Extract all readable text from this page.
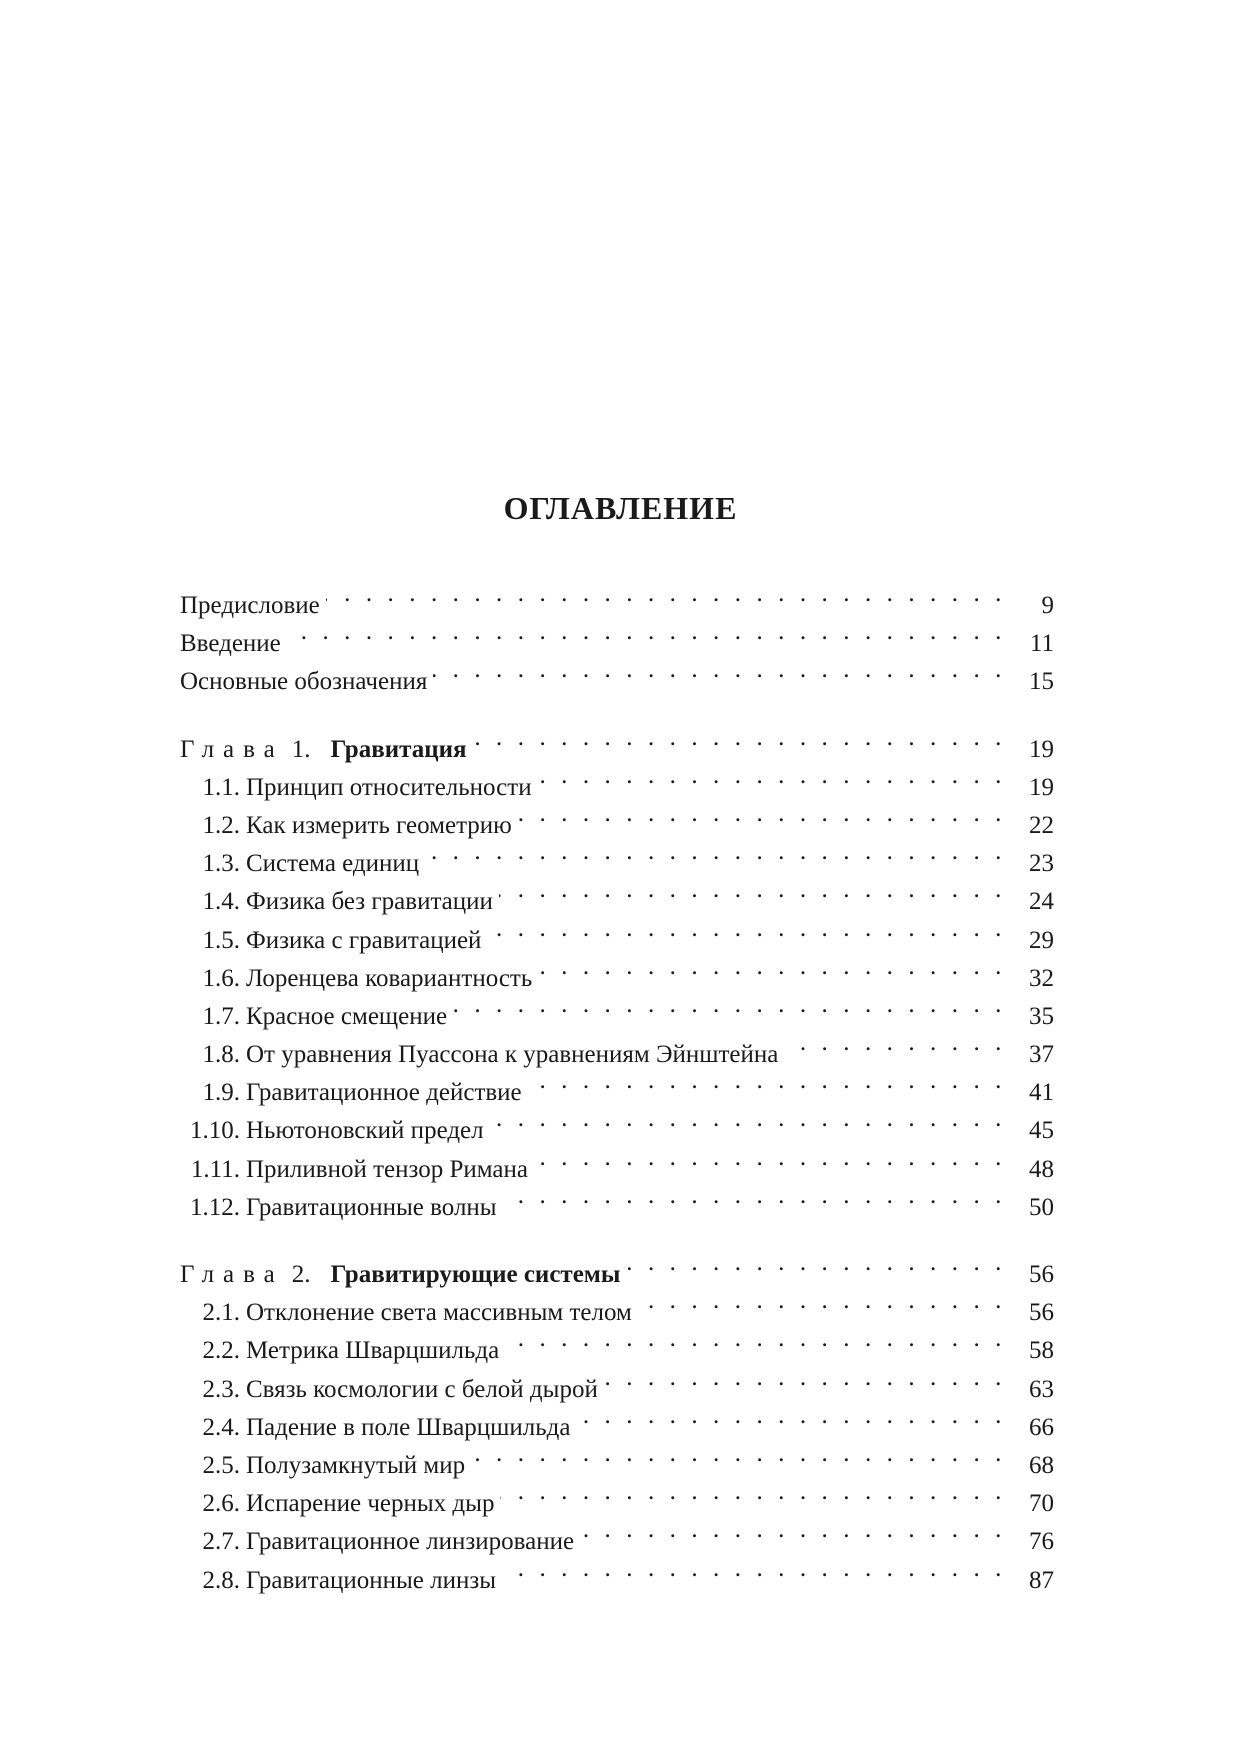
ОГЛАВЛЕНИЕ
Предисловие . . .	9
Введение . . .	11
Основные обозначения . . .	15
Глава 1. Гравитация . . .	19
1.1. Принцип относительности . . .	19
1.2. Как измерить геометрию . . .	22
1.3. Система единиц . . .	23
1.4. Физика без гравитации . . .	24
1.5. Физика с гравитацией . . .	29
1.6. Лоренцева ковариантность . . .	32
1.7. Красное смещение . . .	35
1.8. От уравнения Пуассона к уравнениям Эйнштейна . . .	37
1.9. Гравитационное действие . . .	41
1.10. Ньютоновский предел . . .	45
1.11. Приливной тензор Римана . . .	48
1.12. Гравитационные волны . . .	50
Глава 2. Гравитирующие системы . . .	56
2.1. Отклонение света массивным телом . . .	56
2.2. Метрика Шварцшильда . . .	58
2.3. Связь космологии с белой дырой . . .	63
2.4. Падение в поле Шварцшильда . . .	66
2.5. Полузамкнутый мир . . .	68
2.6. Испарение черных дыр . . .	70
2.7. Гравитационное линзирование . . .	76
2.8. Гравитационные линзы . . .	87
